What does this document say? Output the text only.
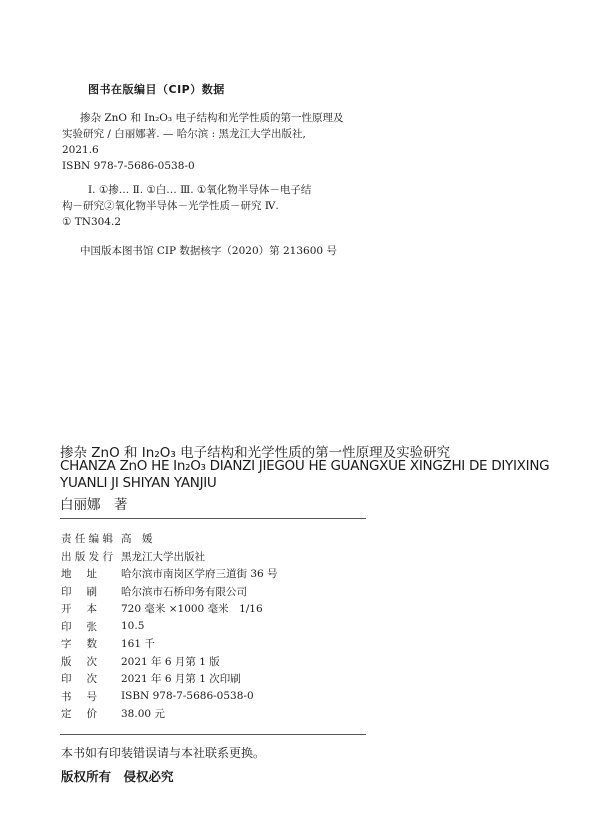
图书在版编目（CIP）数据
掺杂 ZnO 和 In₂O₃ 电子结构和光学性质的第一性原理及
实验研究 / 白丽娜著. — 哈尔滨 : 黑龙江大学出版社,
2021.6
ISBN 978-7-5686-0538-0
Ⅰ. ①掺… Ⅱ. ①白… Ⅲ. ①氧化物半导体－电子结
构－研究②氧化物半导体－光学性质－研究 Ⅳ.
① TN304.2
中国版本图书馆 CIP 数据核字（2020）第 213600 号
掺杂 ZnO 和 In₂O₃ 电子结构和光学性质的第一性原理及实验研究
CHANZA ZnO HE In₂O₃ DIANZI JIEGOU HE GUANGXUE XINGZHI DE DIYIXING
YUANLI JI SHIYAN YANJIU
白丽娜　著
责 任 编 辑 高　媛
出 版 发 行 黑龙江大学出版社
地 址 哈尔滨市南岗区学府三道街 36 号
印 刷 哈尔滨市石桥印务有限公司
开 本 720 毫米 ×1000 毫米　1/16
印 张 10.5
字 数 161 千
版 次 2021 年 6 月第 1 版
印 次 2021 年 6 月第 1 次印刷
书 号 ISBN 978-7-5686-0538-0
定 价 38.00 元
本书如有印装错误请与本社联系更换。
版权所有　侵权必究
